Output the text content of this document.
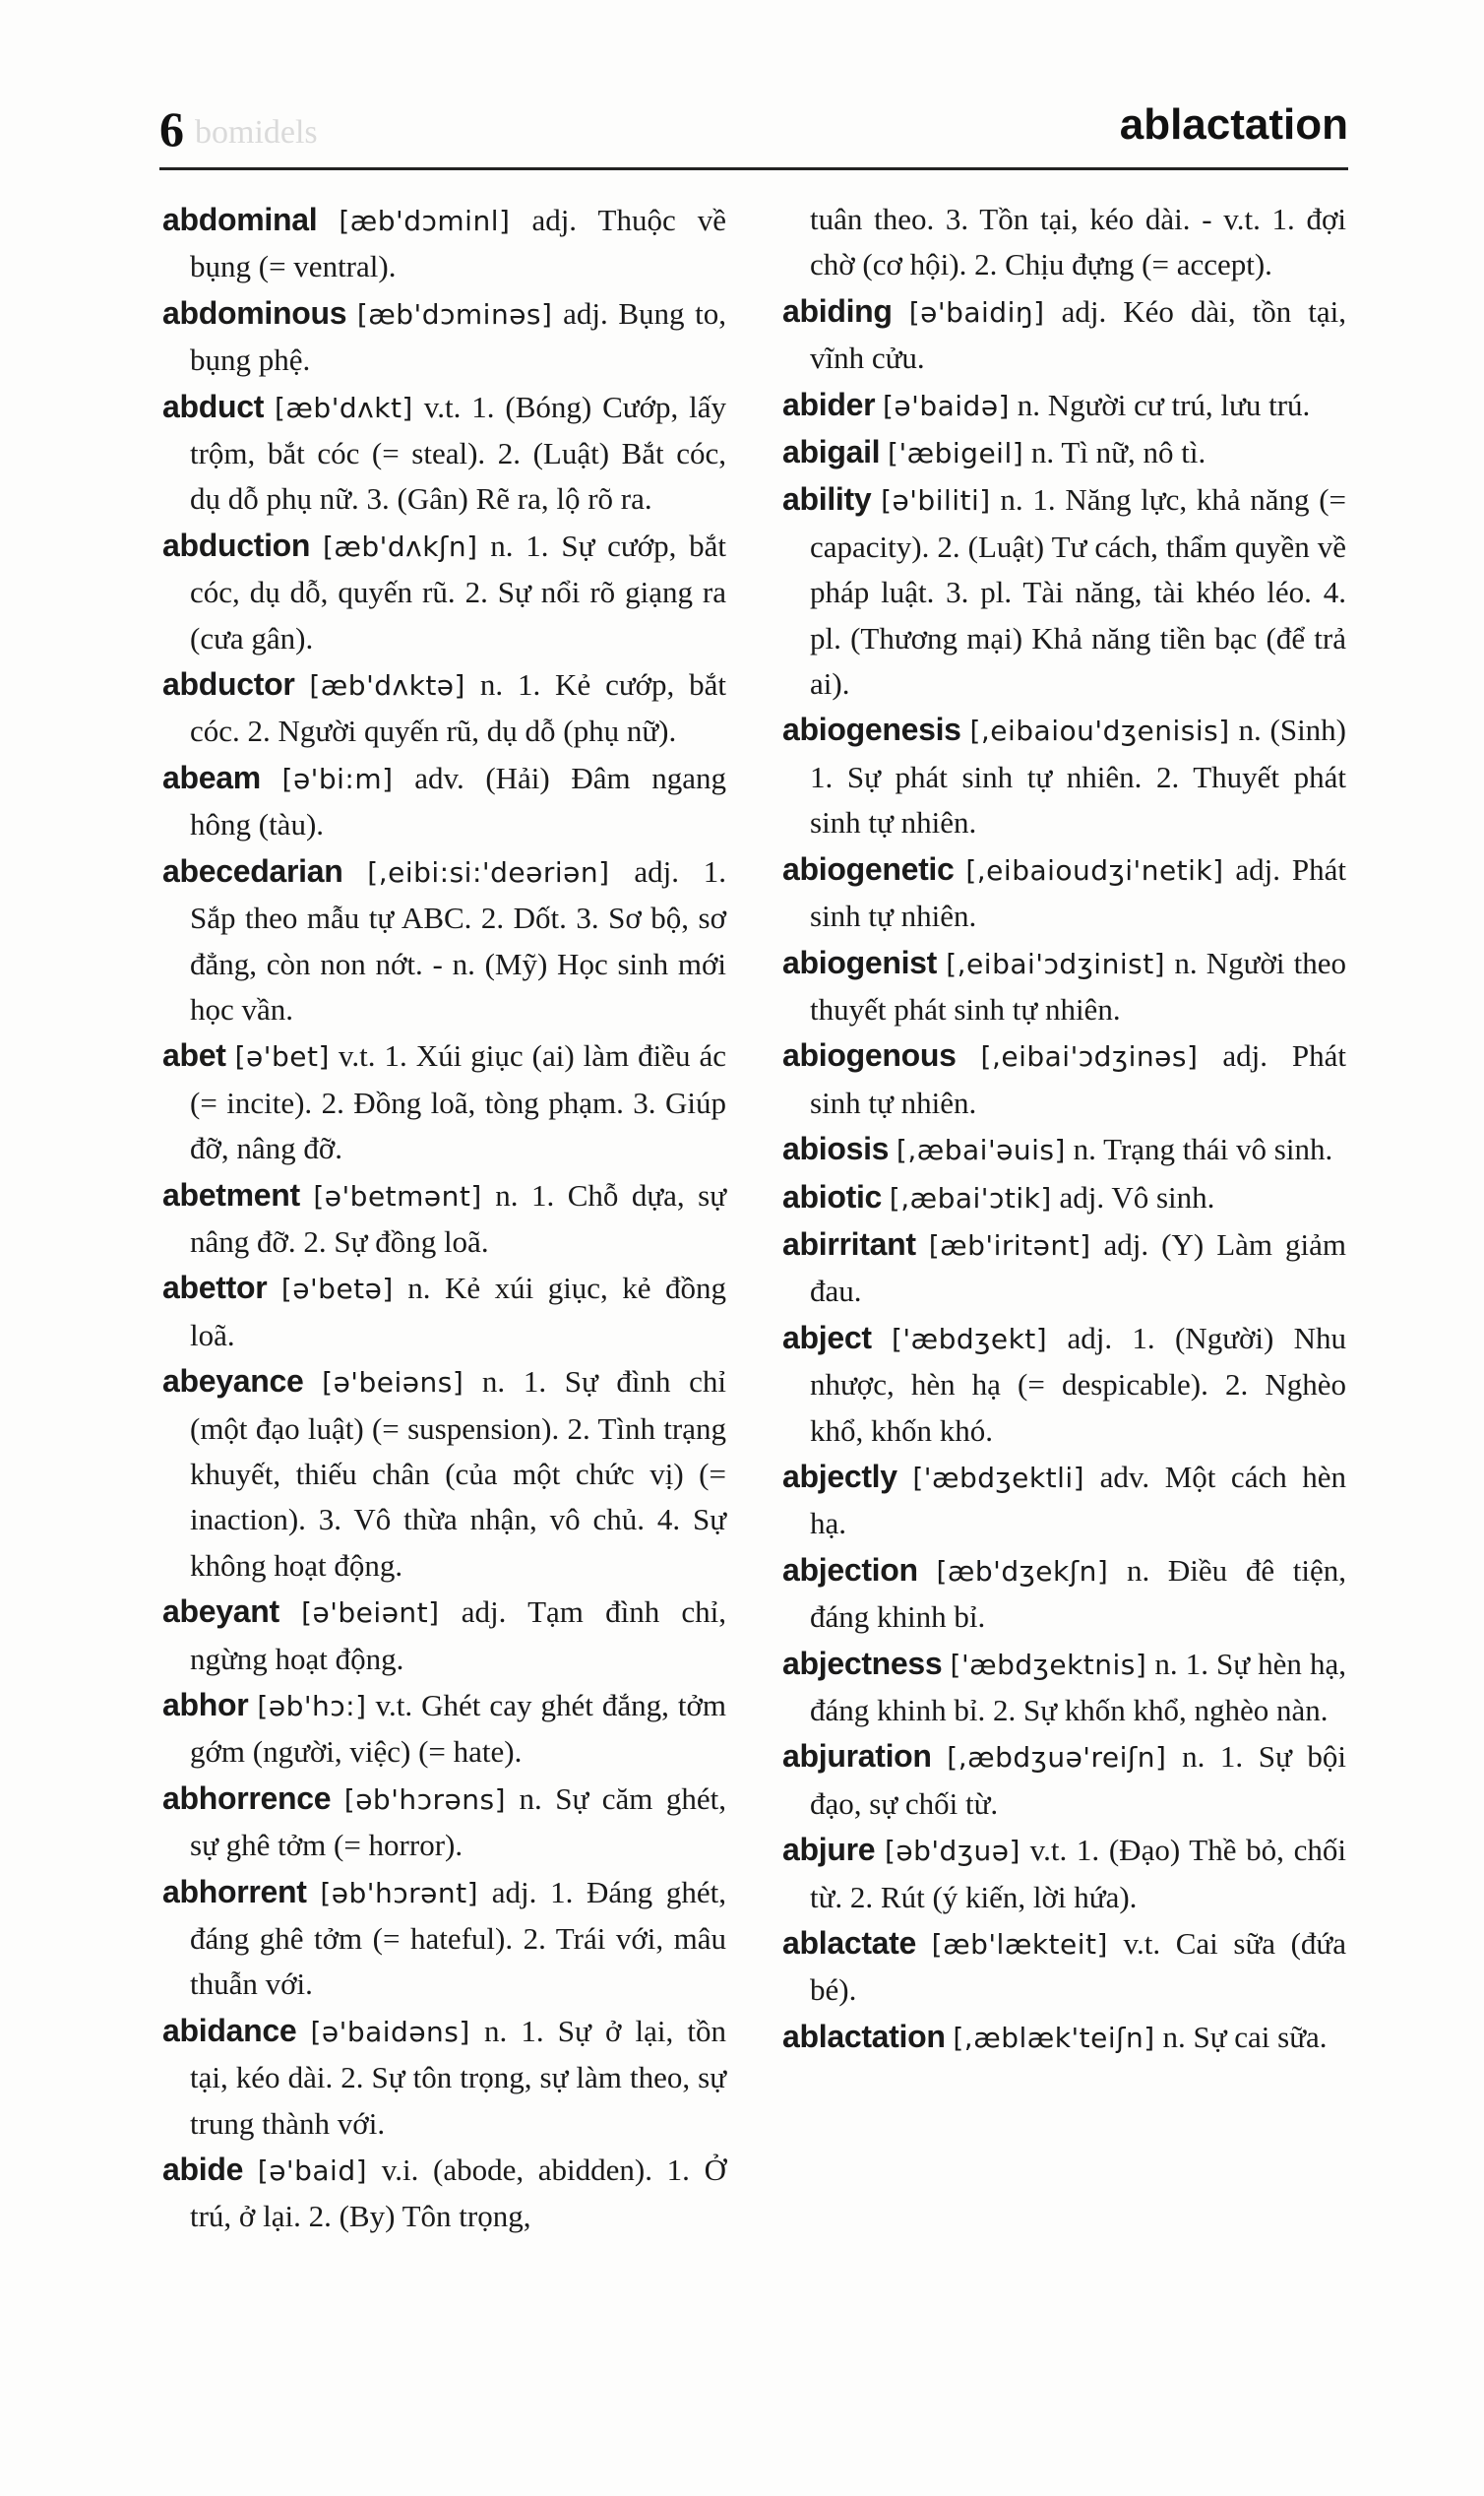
6 bomidels	ablactation

abdominal [æb'dɔminl] adj. Thuộc về bụng (= ventral).

abdominous [æb'dɔminəs] adj. Bụng to, bụng phệ.

abduct [æb'dʌkt] v.t. 1. (Bóng) Cướp, lấy trộm, bắt cóc (= steal). 2. (Luật) Bắt cóc, dụ dỗ phụ nữ. 3. (Gân) Rẽ ra, lộ rõ ra.

abduction [æb'dʌkʃn] n. 1. Sự cướp, bắt cóc, dụ dỗ, quyến rũ. 2. Sự nổi rõ giạng ra (cưa gân).

abductor [æb'dʌktə] n. 1. Kẻ cướp, bắt cóc. 2. Người quyến rũ, dụ dỗ (phụ nữ).

abeam [ə'bi:m] adv. (Hải) Đâm ngang hông (tàu).

abecedarian [,eibi:si:'deəriən] adj. 1. Sắp theo mẫu tự ABC. 2. Dốt. 3. Sơ bộ, sơ đẳng, còn non nớt. - n. (Mỹ) Học sinh mới học vần.

abet [ə'bet] v.t. 1. Xúi giục (ai) làm điều ác (= incite). 2. Đồng loã, tòng phạm. 3. Giúp đỡ, nâng đỡ.

abetment [ə'betmənt] n. 1. Chỗ dựa, sự nâng đỡ. 2. Sự đồng loã.

abettor [ə'betə] n. Kẻ xúi giục, kẻ đồng loã.

abeyance [ə'beiəns] n. 1. Sự đình chỉ (một đạo luật) (= suspension). 2. Tình trạng khuyết, thiếu chân (của một chức vị) (= inaction). 3. Vô thừa nhận, vô chủ. 4. Sự không hoạt động.

abeyant [ə'beiənt] adj. Tạm đình chỉ, ngừng hoạt động.

abhor [əb'hɔ:] v.t. Ghét cay ghét đắng, tởm gớm (người, việc) (= hate).

abhorrence [əb'hɔrəns] n. Sự căm ghét, sự ghê tởm (= horror).

abhorrent [əb'hɔrənt] adj. 1. Đáng ghét, đáng ghê tởm (= hateful). 2. Trái với, mâu thuẫn với.

abidance [ə'baidəns] n. 1. Sự ở lại, tồn tại, kéo dài. 2. Sự tôn trọng, sự làm theo, sự trung thành với.

abide [ə'baid] v.i. (abode, abidden). 1. Ở trú, ở lại. 2. (By) Tôn trọng,

tuân theo. 3. Tồn tại, kéo dài. - v.t. 1. đợi chờ (cơ hội). 2. Chịu đựng (= accept).

abiding [ə'baidiŋ] adj. Kéo dài, tồn tại, vĩnh cửu.

abider [ə'baidə] n. Người cư trú, lưu trú.

abigail ['æbigeil] n. Tì nữ, nô tì.

ability [ə'biliti] n. 1. Năng lực, khả năng (= capacity). 2. (Luật) Tư cách, thẩm quyền về pháp luật. 3. pl. Tài năng, tài khéo léo. 4. pl. (Thương mại) Khả năng tiền bạc (để trả ai).

abiogenesis [,eibaiou'dʒenisis] n. (Sinh) 1. Sự phát sinh tự nhiên. 2. Thuyết phát sinh tự nhiên.

abiogenetic [,eibaioudʒi'netik] adj. Phát sinh tự nhiên.

abiogenist [,eibai'ɔdʒinist] n. Người theo thuyết phát sinh tự nhiên.

abiogenous [,eibai'ɔdʒinəs] adj. Phát sinh tự nhiên.

abiosis [,æbai'əuis] n. Trạng thái vô sinh.

abiotic [,æbai'ɔtik] adj. Vô sinh.

abirritant [æb'iritənt] adj. (Y) Làm giảm đau.

abject ['æbdʒekt] adj. 1. (Người) Nhu nhược, hèn hạ (= despicable). 2. Nghèo khổ, khốn khó.

abjectly ['æbdʒektli] adv. Một cách hèn hạ.

abjection [æb'dʒekʃn] n. Điều đê tiện, đáng khinh bỉ.

abjectness ['æbdʒektnis] n. 1. Sự hèn hạ, đáng khinh bỉ. 2. Sự khốn khổ, nghèo nàn.

abjuration [,æbdʒuə'reiʃn] n. 1. Sự bội đạo, sự chối từ.

abjure [əb'dʒuə] v.t. 1. (Đạo) Thề bỏ, chối từ. 2. Rút (ý kiến, lời hứa).

ablactate [æb'lækteit] v.t. Cai sữa (đứa bé).

ablactation [,æblæk'teiʃn] n. Sự cai sữa.
